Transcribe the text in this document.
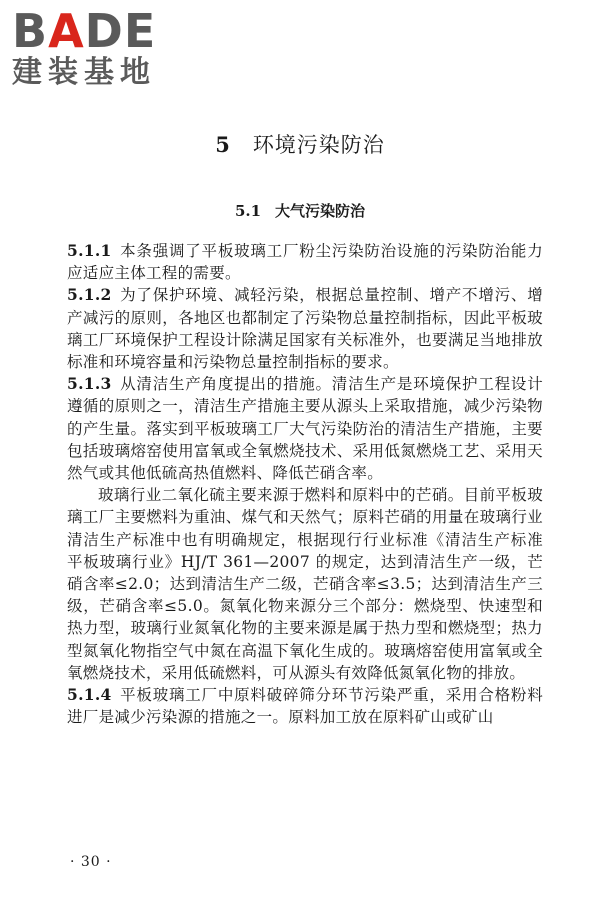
BADE
建装基地
5 环境污染防治
5.1 大气污染防治

5.1.1 本条强调了平板玻璃工厂粉尘污染防治设施的污染防治能力应适应主体工程的需要。

5.1.2 为了保护环境、减轻污染，根据总量控制、增产不增污、增产减污的原则，各地区也都制定了污染物总量控制指标，因此平板玻璃工厂环境保护工程设计除满足国家有关标准外，也要满足当地排放标准和环境容量和污染物总量控制指标的要求。

5.1.3 从清洁生产角度提出的措施。清洁生产是环境保护工程设计遵循的原则之一，清洁生产措施主要从源头上采取措施，减少污染物的产生量。落实到平板玻璃工厂大气污染防治的清洁生产措施，主要包括玻璃熔窑使用富氧或全氧燃烧技术、采用低氮燃烧工艺、采用天然气或其他低硫高热值燃料、降低芒硝含率。

玻璃行业二氧化硫主要来源于燃料和原料中的芒硝。目前平板玻璃工厂主要燃料为重油、煤气和天然气；原料芒硝的用量在玻璃行业清洁生产标准中也有明确规定，根据现行行业标准《清洁生产标准　平板玻璃行业》HJ/T 361—2007 的规定，达到清洁生产一级，芒硝含率≤2.0；达到清洁生产二级，芒硝含率≤3.5；达到清洁生产三级，芒硝含率≤5.0。氮氧化物来源分三个部分：燃烧型、快速型和热力型，玻璃行业氮氧化物的主要来源是属于热力型和燃烧型；热力型氮氧化物指空气中氮在高温下氧化生成的。玻璃熔窑使用富氧或全氧燃烧技术，采用低硫燃料，可从源头有效降低氮氧化物的排放。

5.1.4 平板玻璃工厂中原料破碎筛分环节污染严重，采用合格粉料进厂是减少污染源的措施之一。原料加工放在原料矿山或矿山

· 30 ·
